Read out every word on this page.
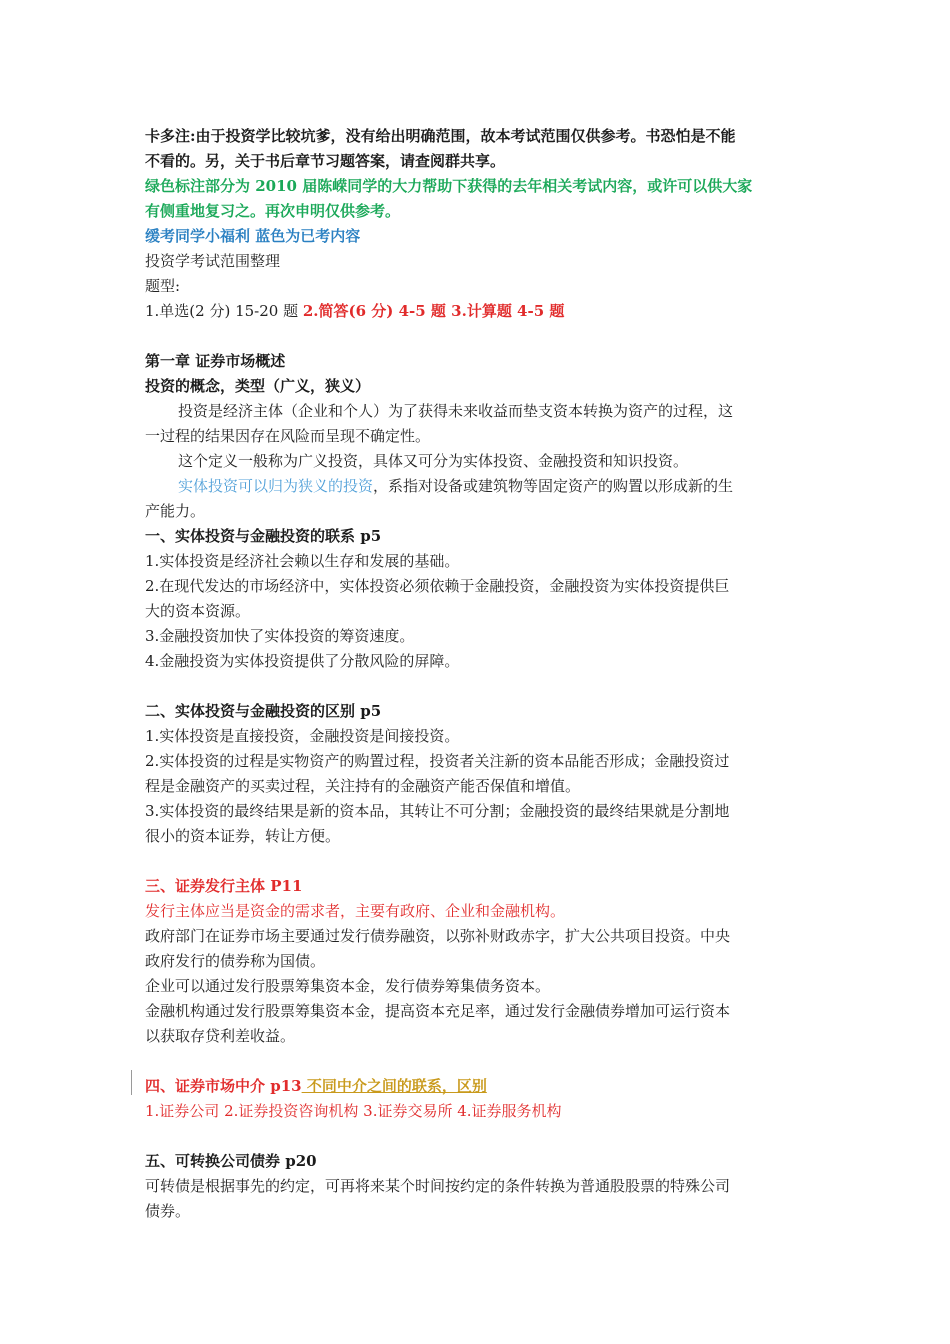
卡多注:由于投资学比较坑爹，没有给出明确范围，故本考试范围仅供参考。书恐怕是不能
不看的。另，关于书后章节习题答案，请查阅群共享。
绿色标注部分为 2010 届陈嵘同学的大力帮助下获得的去年相关考试内容，或许可以供大家
有侧重地复习之。再次申明仅供参考。
缓考同学小福利 蓝色为已考内容
投资学考试范围整理
题型:
1.单选(2 分) 15-20 题 2.简答(6 分) 4-5 题 3.计算题 4-5 题
第一章 证券市场概述
投资的概念，类型（广义，狭义）
投资是经济主体（企业和个人）为了获得未来收益而垫支资本转换为资产的过程，这
一过程的结果因存在风险而呈现不确定性。
这个定义一般称为广义投资，具体又可分为实体投资、金融投资和知识投资。
实体投资可以归为狭义的投资，系指对设备或建筑物等固定资产的购置以形成新的生
产能力。
一、实体投资与金融投资的联系 p5
1.实体投资是经济社会赖以生存和发展的基础。
2.在现代发达的市场经济中，实体投资必须依赖于金融投资，金融投资为实体投资提供巨
大的资本资源。
3.金融投资加快了实体投资的筹资速度。
4.金融投资为实体投资提供了分散风险的屏障。
二、实体投资与金融投资的区别 p5
1.实体投资是直接投资，金融投资是间接投资。
2.实体投资的过程是实物资产的购置过程，投资者关注新的资本品能否形成；金融投资过
程是金融资产的买卖过程，关注持有的金融资产能否保值和增值。
3.实体投资的最终结果是新的资本品，其转让不可分割；金融投资的最终结果就是分割地
很小的资本证券，转让方便。
三、证券发行主体 P11
发行主体应当是资金的需求者，主要有政府、企业和金融机构。
政府部门在证券市场主要通过发行债券融资，以弥补财政赤字，扩大公共项目投资。中央
政府发行的债券称为国债。
企业可以通过发行股票筹集资本金，发行债券筹集债务资本。
金融机构通过发行股票筹集资本金，提高资本充足率，通过发行金融债券增加可运行资本
以获取存贷利差收益。
四、证券市场中介 p13 不同中介之间的联系，区别
1.证券公司 2.证券投资咨询机构 3.证券交易所 4.证券服务机构
五、可转换公司债券 p20
可转债是根据事先的约定，可再将来某个时间按约定的条件转换为普通股股票的特殊公司
债券。
